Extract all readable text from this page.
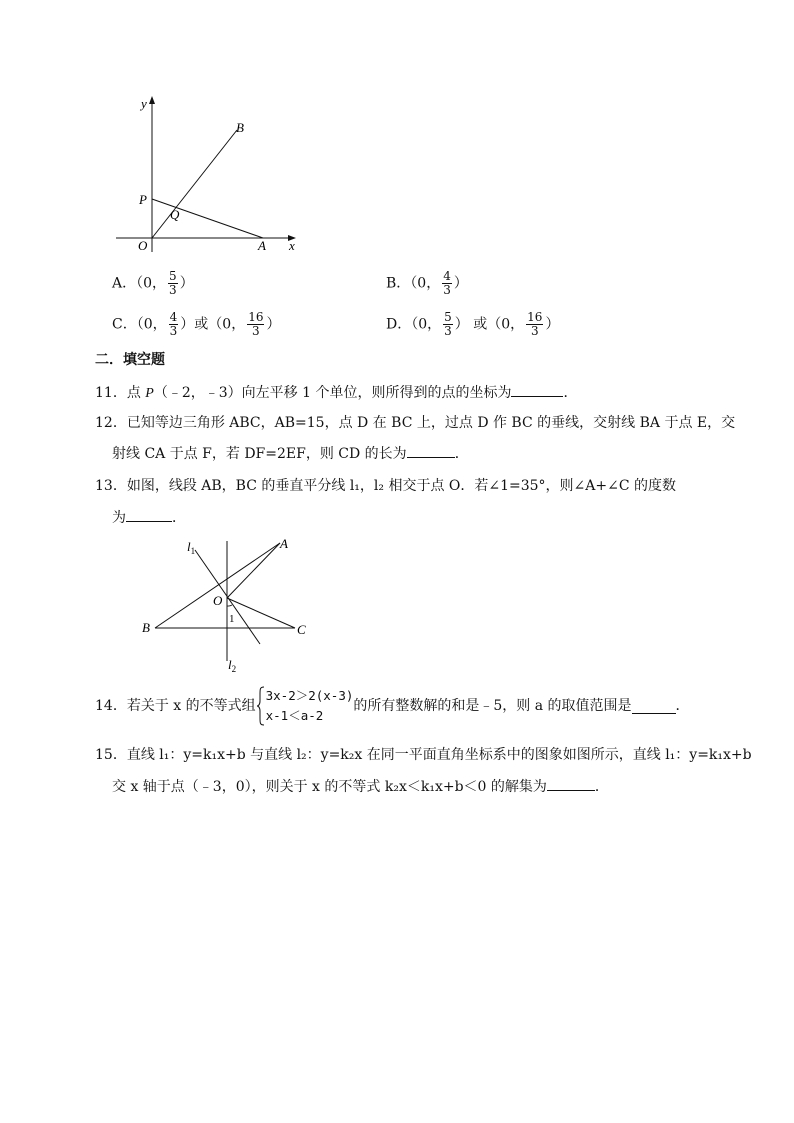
y
B
P
Q
O	A x
A．（0， $\frac{5}{3}$ ）	B．（0， $\frac{4}{3}$ ）
C．（0， $\frac{4}{3}$ ）或（0， $\frac{16}{3}$ ）	D．（0， $\frac{5}{3}$ ） 或（0， $\frac{16}{3}$ ）
二．填空题
11．点 P（﹣2，﹣3）向左平移 1 个单位，则所得到的点的坐标为	．
12．已知等边三角形 ABC，AB=15，点 D 在 BC 上，过点 D 作 BC 的垂线，交射线 BA 于点 E，交
射线 CA 于点 F，若 DF=2EF，则 CD 的长为	．
13．如图，线段 AB，BC 的垂直平分线 l₁，l₂ 相交于点 O．若∠1=35°，则∠A+∠C 的度数
为	．
$l_1$	A
O
1
B	C
$l_2$
14．若关于 x 的不等式组
3x-2＞2(x-3)
x-1＜a-2
的所有整数解的和是﹣5，则 a 的取值范围是	．
15．直线 l₁：y=k₁x+b 与直线 l₂：y=k₂x 在同一平面直角坐标系中的图象如图所示，直线 l₁：y=k₁x+b
交 x 轴于点（﹣3，0），则关于 x 的不等式 k₂x＜k₁x+b＜0 的解集为	．
